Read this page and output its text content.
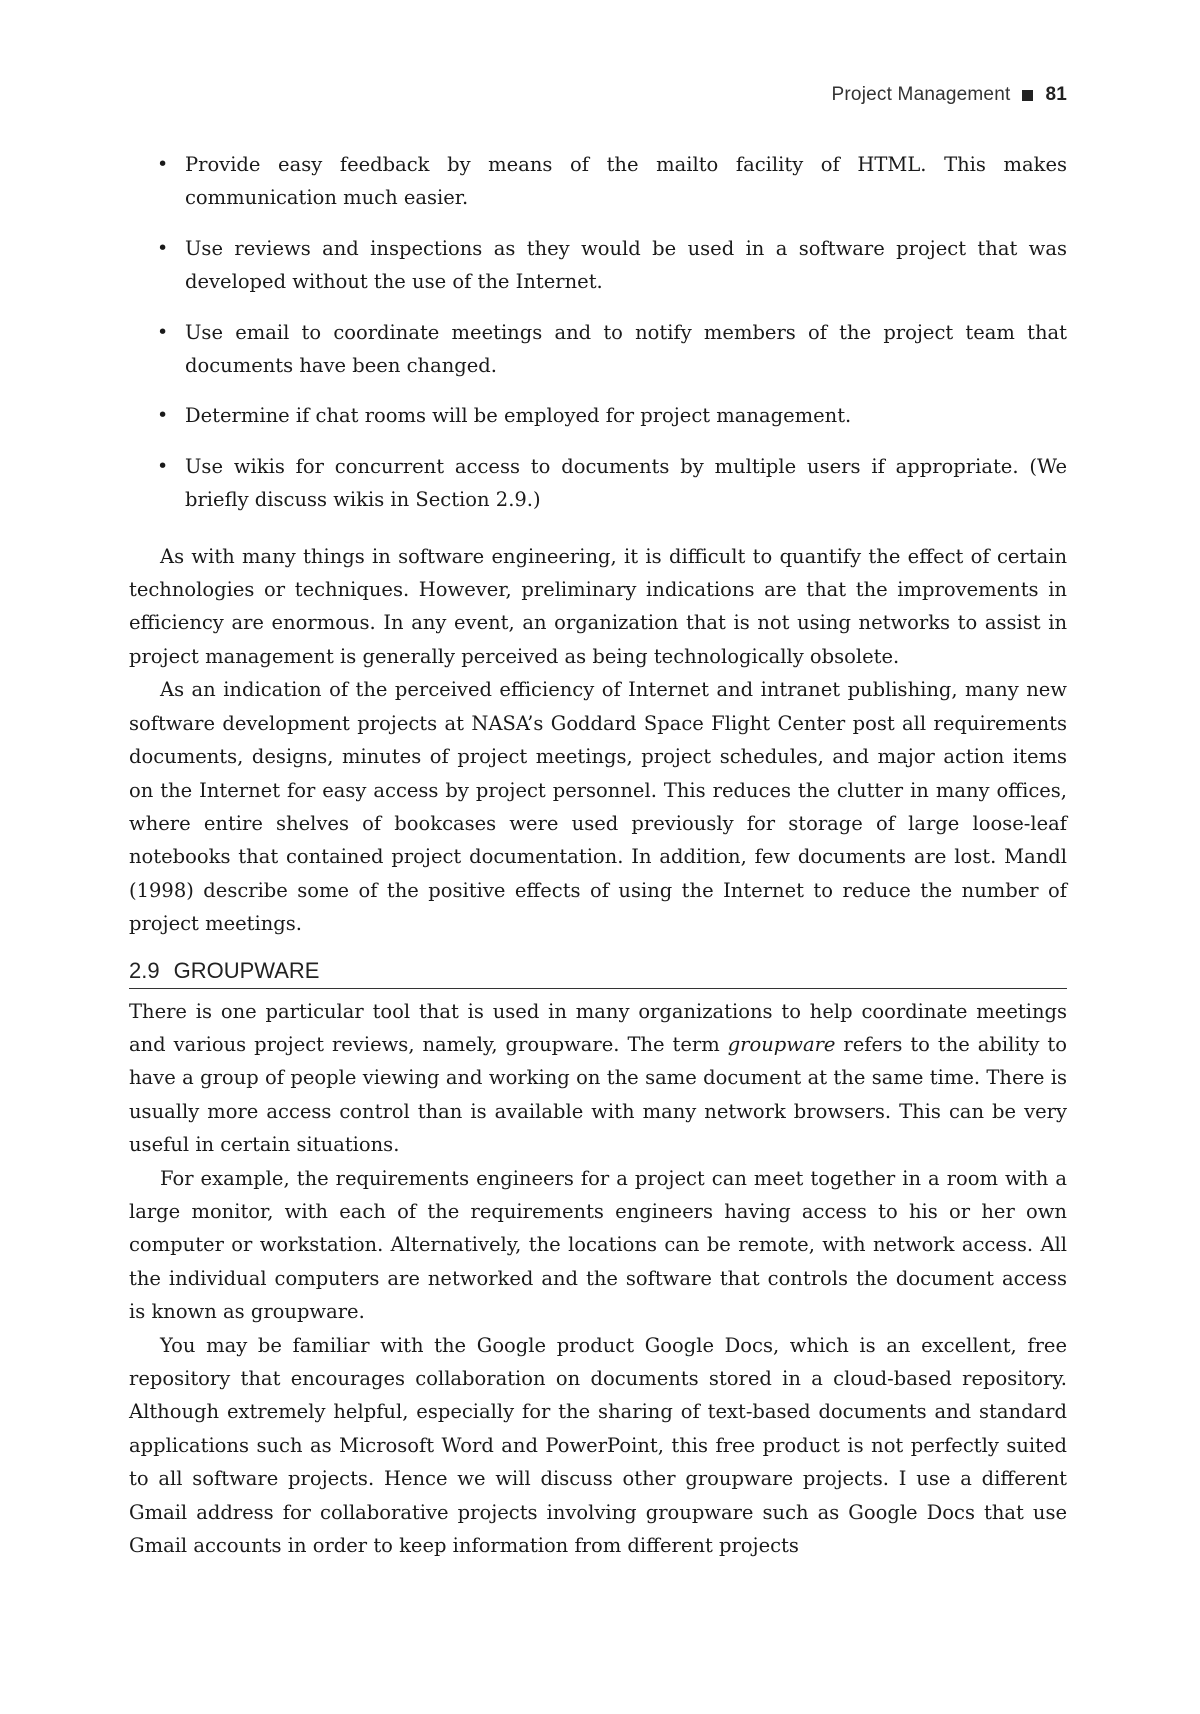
Project Management 81
• Provide easy feedback by means of the mailto facility of HTML. This makes communication much easier.
• Use reviews and inspections as they would be used in a software project that was developed without the use of the Internet.
• Use email to coordinate meetings and to notify members of the project team that documents have been changed.
• Determine if chat rooms will be employed for project management.
• Use wikis for concurrent access to documents by multiple users if appropriate. (We briefly discuss wikis in Section 2.9.)

As with many things in software engineering, it is difficult to quantify the effect of certain technologies or techniques. However, preliminary indications are that the improvements in efficiency are enormous. In any event, an organization that is not using networks to assist in project management is generally perceived as being technologically obsolete.

As an indication of the perceived efficiency of Internet and intranet publishing, many new software development projects at NASA’s Goddard Space Flight Center post all requirements documents, designs, minutes of project meetings, project schedules, and major action items on the Internet for easy access by project personnel. This reduces the clutter in many offices, where entire shelves of bookcases were used previously for storage of large loose-leaf notebooks that contained project documentation. In addition, few documents are lost. Mandl (1998) describe some of the positive effects of using the Internet to reduce the number of project meetings.

2.9 GROUPWARE

There is one particular tool that is used in many organizations to help coordinate meetings and various project reviews, namely, groupware. The term groupware refers to the ability to have a group of people viewing and working on the same document at the same time. There is usually more access control than is available with many network browsers. This can be very useful in certain situations.

For example, the requirements engineers for a project can meet together in a room with a large monitor, with each of the requirements engineers having access to his or her own computer or workstation. Alternatively, the locations can be remote, with network access. All the individual computers are networked and the software that controls the document access is known as groupware.

You may be familiar with the Google product Google Docs, which is an excellent, free repository that encourages collaboration on documents stored in a cloud-based repository. Although extremely helpful, especially for the sharing of text-based documents and standard applications such as Microsoft Word and PowerPoint, this free product is not perfectly suited to all software projects. Hence we will discuss other groupware projects. I use a different Gmail address for collaborative projects involving groupware such as Google Docs that use Gmail accounts in order to keep information from different projects
